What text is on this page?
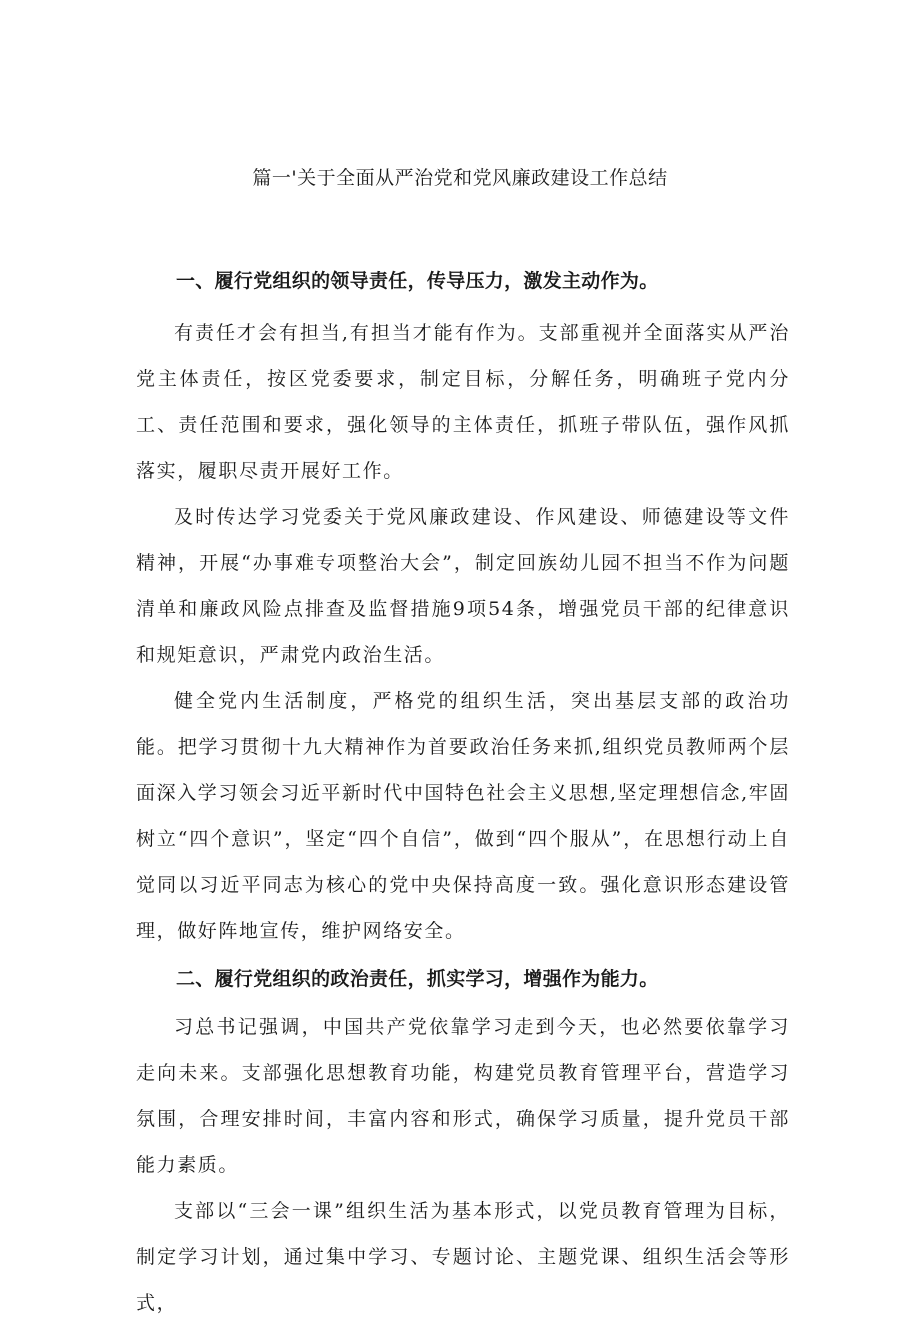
篇一'关于全面从严治党和党风廉政建设工作总结
一、履行党组织的领导责任，传导压力，激发主动作为。

有责任才会有担当,有担当才能有作为。支部重视并全面落实从严治党主体责任，按区党委要求，制定目标，分解任务，明确班子党内分工、责任范围和要求，强化领导的主体责任，抓班子带队伍，强作风抓落实，履职尽责开展好工作。

及时传达学习党委关于党风廉政建设、作风建设、师德建设等文件精神，开展“办事难专项整治大会”，制定回族幼儿园不担当不作为问题清单和廉政风险点排查及监督措施9项54条，增强党员干部的纪律意识和规矩意识，严肃党内政治生活。

健全党内生活制度，严格党的组织生活，突出基层支部的政治功能。把学习贯彻十九大精神作为首要政治任务来抓,组织党员教师两个层面深入学习领会习近平新时代中国特色社会主义思想,坚定理想信念,牢固树立“四个意识”，坚定“四个自信”，做到“四个服从”，在思想行动上自觉同以习近平同志为核心的党中央保持高度一致。强化意识形态建设管理，做好阵地宣传，维护网络安全。

二、履行党组织的政治责任，抓实学习，增强作为能力。

习总书记强调，中国共产党依靠学习走到今天，也必然要依靠学习走向未来。支部强化思想教育功能，构建党员教育管理平台，营造学习氛围，合理安排时间，丰富内容和形式，确保学习质量，提升党员干部能力素质。

支部以“三会一课”组织生活为基本形式，以党员教育管理为目标，制定学习计划，通过集中学习、专题讨论、主题党课、组织生活会等形式，
